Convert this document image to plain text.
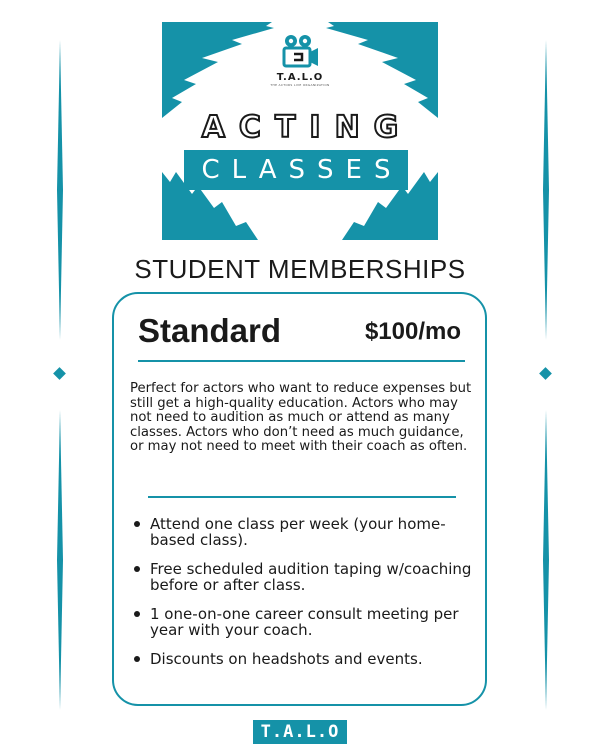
T.A.L.O
THE ACTORS LIVE ORGANIZATION
ACTING
CLASSES
STUDENT MEMBERSHIPS
Standard	$100/mo
Perfect for actors who want to reduce expenses but still get a high-quality education. Actors who may not need to audition as much or attend as many classes. Actors who don’t need as much guidance, or may not need to meet with their coach as often.
Attend one class per week (your home-based class).
Free scheduled audition taping w/coaching before or after class.
1 one-on-one career consult meeting per year with your coach.
Discounts on headshots and events.
T.A.L.O
